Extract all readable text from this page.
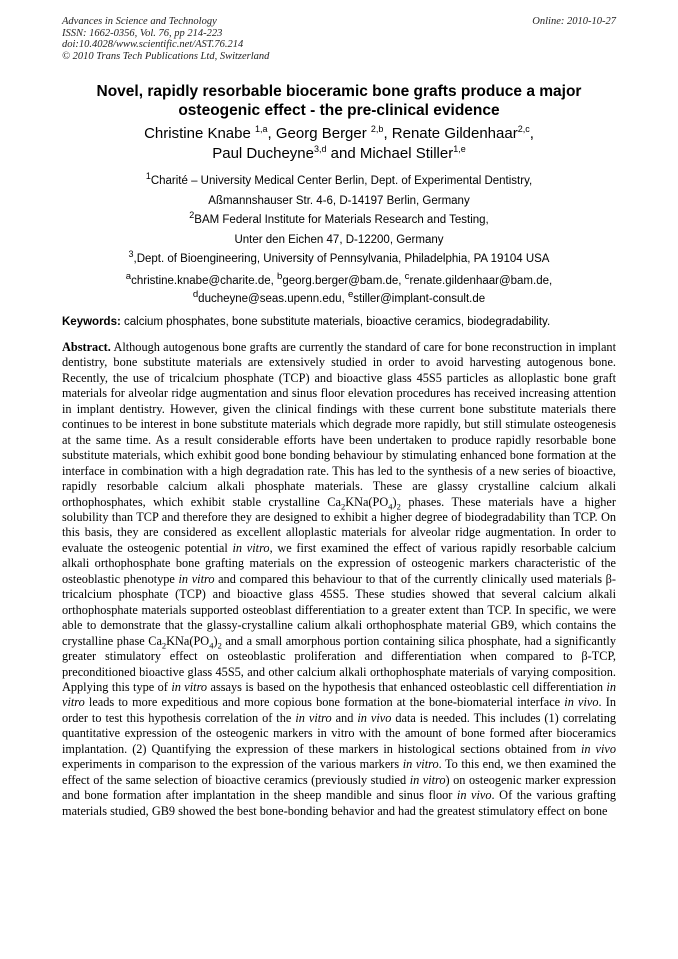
Advances in Science and Technology
ISSN: 1662-0356, Vol. 76, pp 214-223
doi:10.4028/www.scientific.net/AST.76.214
© 2010 Trans Tech Publications Ltd, Switzerland
Online: 2010-10-27
Novel, rapidly resorbable bioceramic bone grafts produce a major osteogenic effect - the pre-clinical evidence
Christine Knabe $^{1,a}$, Georg Berger $^{2,b}$, Renate Gildenhaar$^{2,c}$,
Paul Ducheyne$^{3,d}$ and Michael Stiller$^{1,e}$
$^1$Charité – University Medical Center Berlin, Dept. of Experimental Dentistry,
Aßmannshauser Str. 4-6, D-14197 Berlin, Germany
$^2$BAM Federal Institute for Materials Research and Testing,
Unter den Eichen 47, D-12200, Germany
$^3$,Dept. of Bioengineering, University of Pennsylvania, Philadelphia, PA 19104 USA
$^a$christine.knabe@charite.de, $^b$georg.berger@bam.de, $^c$renate.gildenhaar@bam.de,
$^d$ducheyne@seas.upenn.edu, $^e$stiller@implant-consult.de
Keywords: calcium phosphates, bone substitute materials, bioactive ceramics, biodegradability.
Abstract. Although autogenous bone grafts are currently the standard of care for bone reconstruction in implant dentistry, bone substitute materials are extensively studied in order to avoid harvesting autogenous bone. Recently, the use of tricalcium phosphate (TCP) and bioactive glass 45S5 particles as alloplastic bone graft materials for alveolar ridge augmentation and sinus floor elevation procedures has received increasing attention in implant dentistry. However, given the clinical findings with these current bone substitute materials there continues to be interest in bone substitute materials which degrade more rapidly, but still stimulate osteogenesis at the same time. As a result considerable efforts have been undertaken to produce rapidly resorbable bone substitute materials, which exhibit good bone bonding behaviour by stimulating enhanced bone formation at the interface in combination with a high degradation rate. This has led to the synthesis of a new series of bioactive, rapidly resorbable calcium alkali phosphate materials. These are glassy crystalline calcium alkali orthophosphates, which exhibit stable crystalline $Ca_2KNa(PO_4)_2$ phases. These materials have a higher solubility than TCP and therefore they are designed to exhibit a higher degree of biodegradability than TCP. On this basis, they are considered as excellent alloplastic materials for alveolar ridge augmentation. In order to evaluate the osteogenic potential in vitro, we first examined the effect of various rapidly resorbable calcium alkali orthophosphate bone grafting materials on the expression of osteogenic markers characteristic of the osteoblastic phenotype in vitro and compared this behaviour to that of the currently clinically used materials β-tricalcium phosphate (TCP) and bioactive glass 45S5. These studies showed that several calcium alkali orthophosphate materials supported osteoblast differentiation to a greater extent than TCP. In specific, we were able to demonstrate that the glassy-crystalline calium alkali orthophosphate material GB9, which contains the crystalline phase $Ca_2KNa(PO_4)_2$ and a small amorphous portion containing silica phosphate, had a significantly greater stimulatory effect on osteoblastic proliferation and differentiation when compared to β-TCP, preconditioned bioactive glass 45S5, and other calcium alkali orthophosphate materials of varying composition. Applying this type of in vitro assays is based on the hypothesis that enhanced osteoblastic cell differentiation in vitro leads to more expeditious and more copious bone formation at the bone-biomaterial interface in vivo. In order to test this hypothesis correlation of the in vitro and in vivo data is needed. This includes (1) correlating quantitative expression of the osteogenic markers in vitro with the amount of bone formed after bioceramics implantation. (2) Quantifying the expression of these markers in histological sections obtained from in vivo experiments in comparison to the expression of the various markers in vitro. To this end, we then examined the effect of the same selection of bioactive ceramics (previously studied in vitro) on osteogenic marker expression and bone formation after implantation in the sheep mandible and sinus floor in vivo. Of the various grafting materials studied, GB9 showed the best bone-bonding behavior and had the greatest stimulatory effect on bone
